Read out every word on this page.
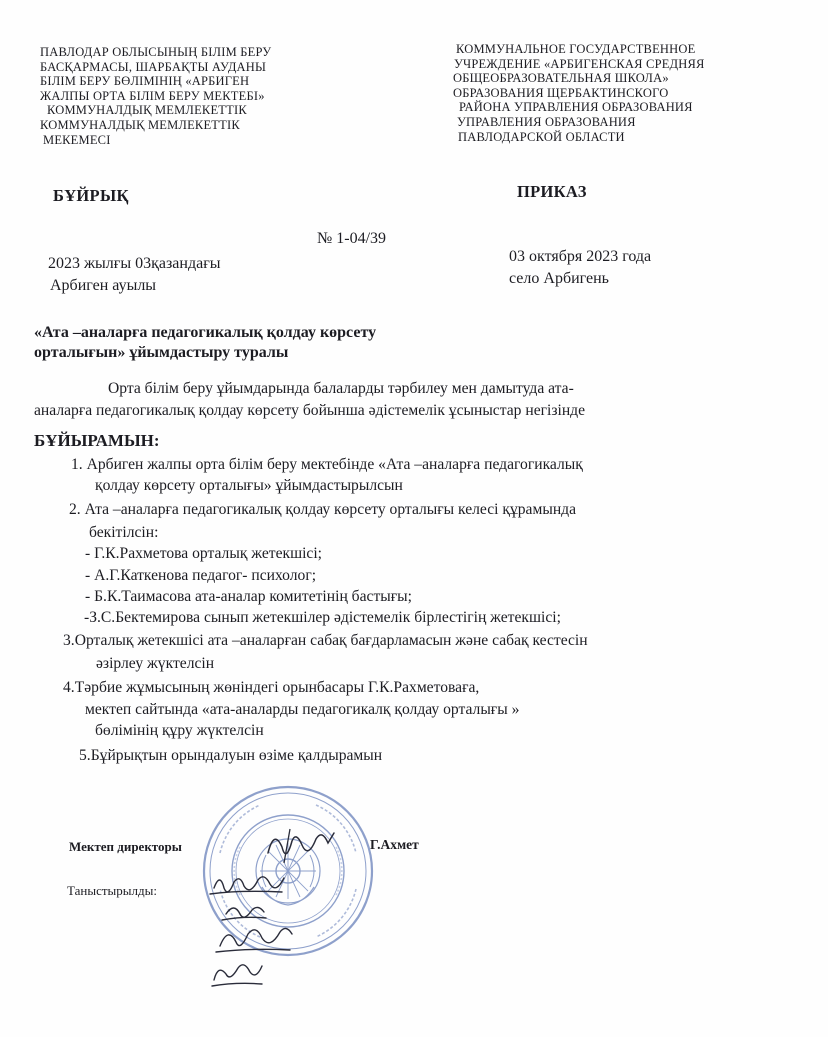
ПАВЛОДАР ОБЛЫСЫНЫҢ БІЛІМ БЕРУ
БАСҚАРМАСЫ, ШАРБАҚТЫ АУДАНЫ
БІЛІМ БЕРУ БӨЛІМІНІҢ «АРБИГЕН
ЖАЛПЫ ОРТА БІЛІМ БЕРУ МЕКТЕБІ»
КОММУНАЛДЫҚ МЕМЛЕКЕТТІК
КОММУНАЛДЫҚ МЕМЛЕКЕТТІК
МЕКЕМЕСІ
КОММУНАЛЬНОЕ ГОСУДАРСТВЕННОЕ
УЧРЕЖДЕНИЕ «АРБИГЕНСКАЯ СРЕДНЯЯ
ОБЩЕОБРАЗОВАТЕЛЬНАЯ ШКОЛА»
ОБРАЗОВАНИЯ ЩЕРБАКТИНСКОГО
РАЙОНА УПРАВЛЕНИЯ ОБРАЗОВАНИЯ
УПРАВЛЕНИЯ ОБРАЗОВАНИЯ
ПАВЛОДАРСКОЙ ОБЛАСТИ
БҰЙРЫҚ	ПРИКАЗ
№ 1-04/39
2023 жылғы 03қазандағы
Арбиген ауылы
03 октября 2023 года
село Арбигень
«Ата –аналарға педагогикалық қолдау көрсету
орталығын» ұйымдастыру туралы
Орта білім беру ұйымдарында балаларды тәрбилеу мен дамытуда ата-
аналарға педагогикалық қолдау көрсету бойынша әдістемелік ұсыныстар негізінде
БҰЙЫРАМЫН:
1. Арбиген жалпы орта білім беру мектебінде «Ата –аналарға педагогикалық
қолдау көрсету орталығы» ұйымдастырылсын
2. Ата –аналарға педагогикалық қолдау көрсету орталығы келесі құрамында
бекітілсін:
- Г.К.Рахметова орталық жетекшісі;
- А.Г.Каткенова педагог- психолог;
- Б.К.Таимасова ата-аналар комитетінің бастығы;
-З.С.Бектемирова сынып жетекшілер әдістемелік бірлестігің жетекшісі;
3.Орталық жетекшісі ата –аналарған сабақ бағдарламасын және сабақ кестесін
әзірлеу жүктелсін
4.Тәрбие жұмысының жөніндегі орынбасары Г.К.Рахметоваға,
мектеп сайтында «ата-аналарды педагогикалқ қолдау орталығы »
бөлімінің құру жүктелсін
5.Бұйрықтын орындалуын өзіме қалдырамын
Мектеп директоры	Г.Ахмет
Таныстырылды:
